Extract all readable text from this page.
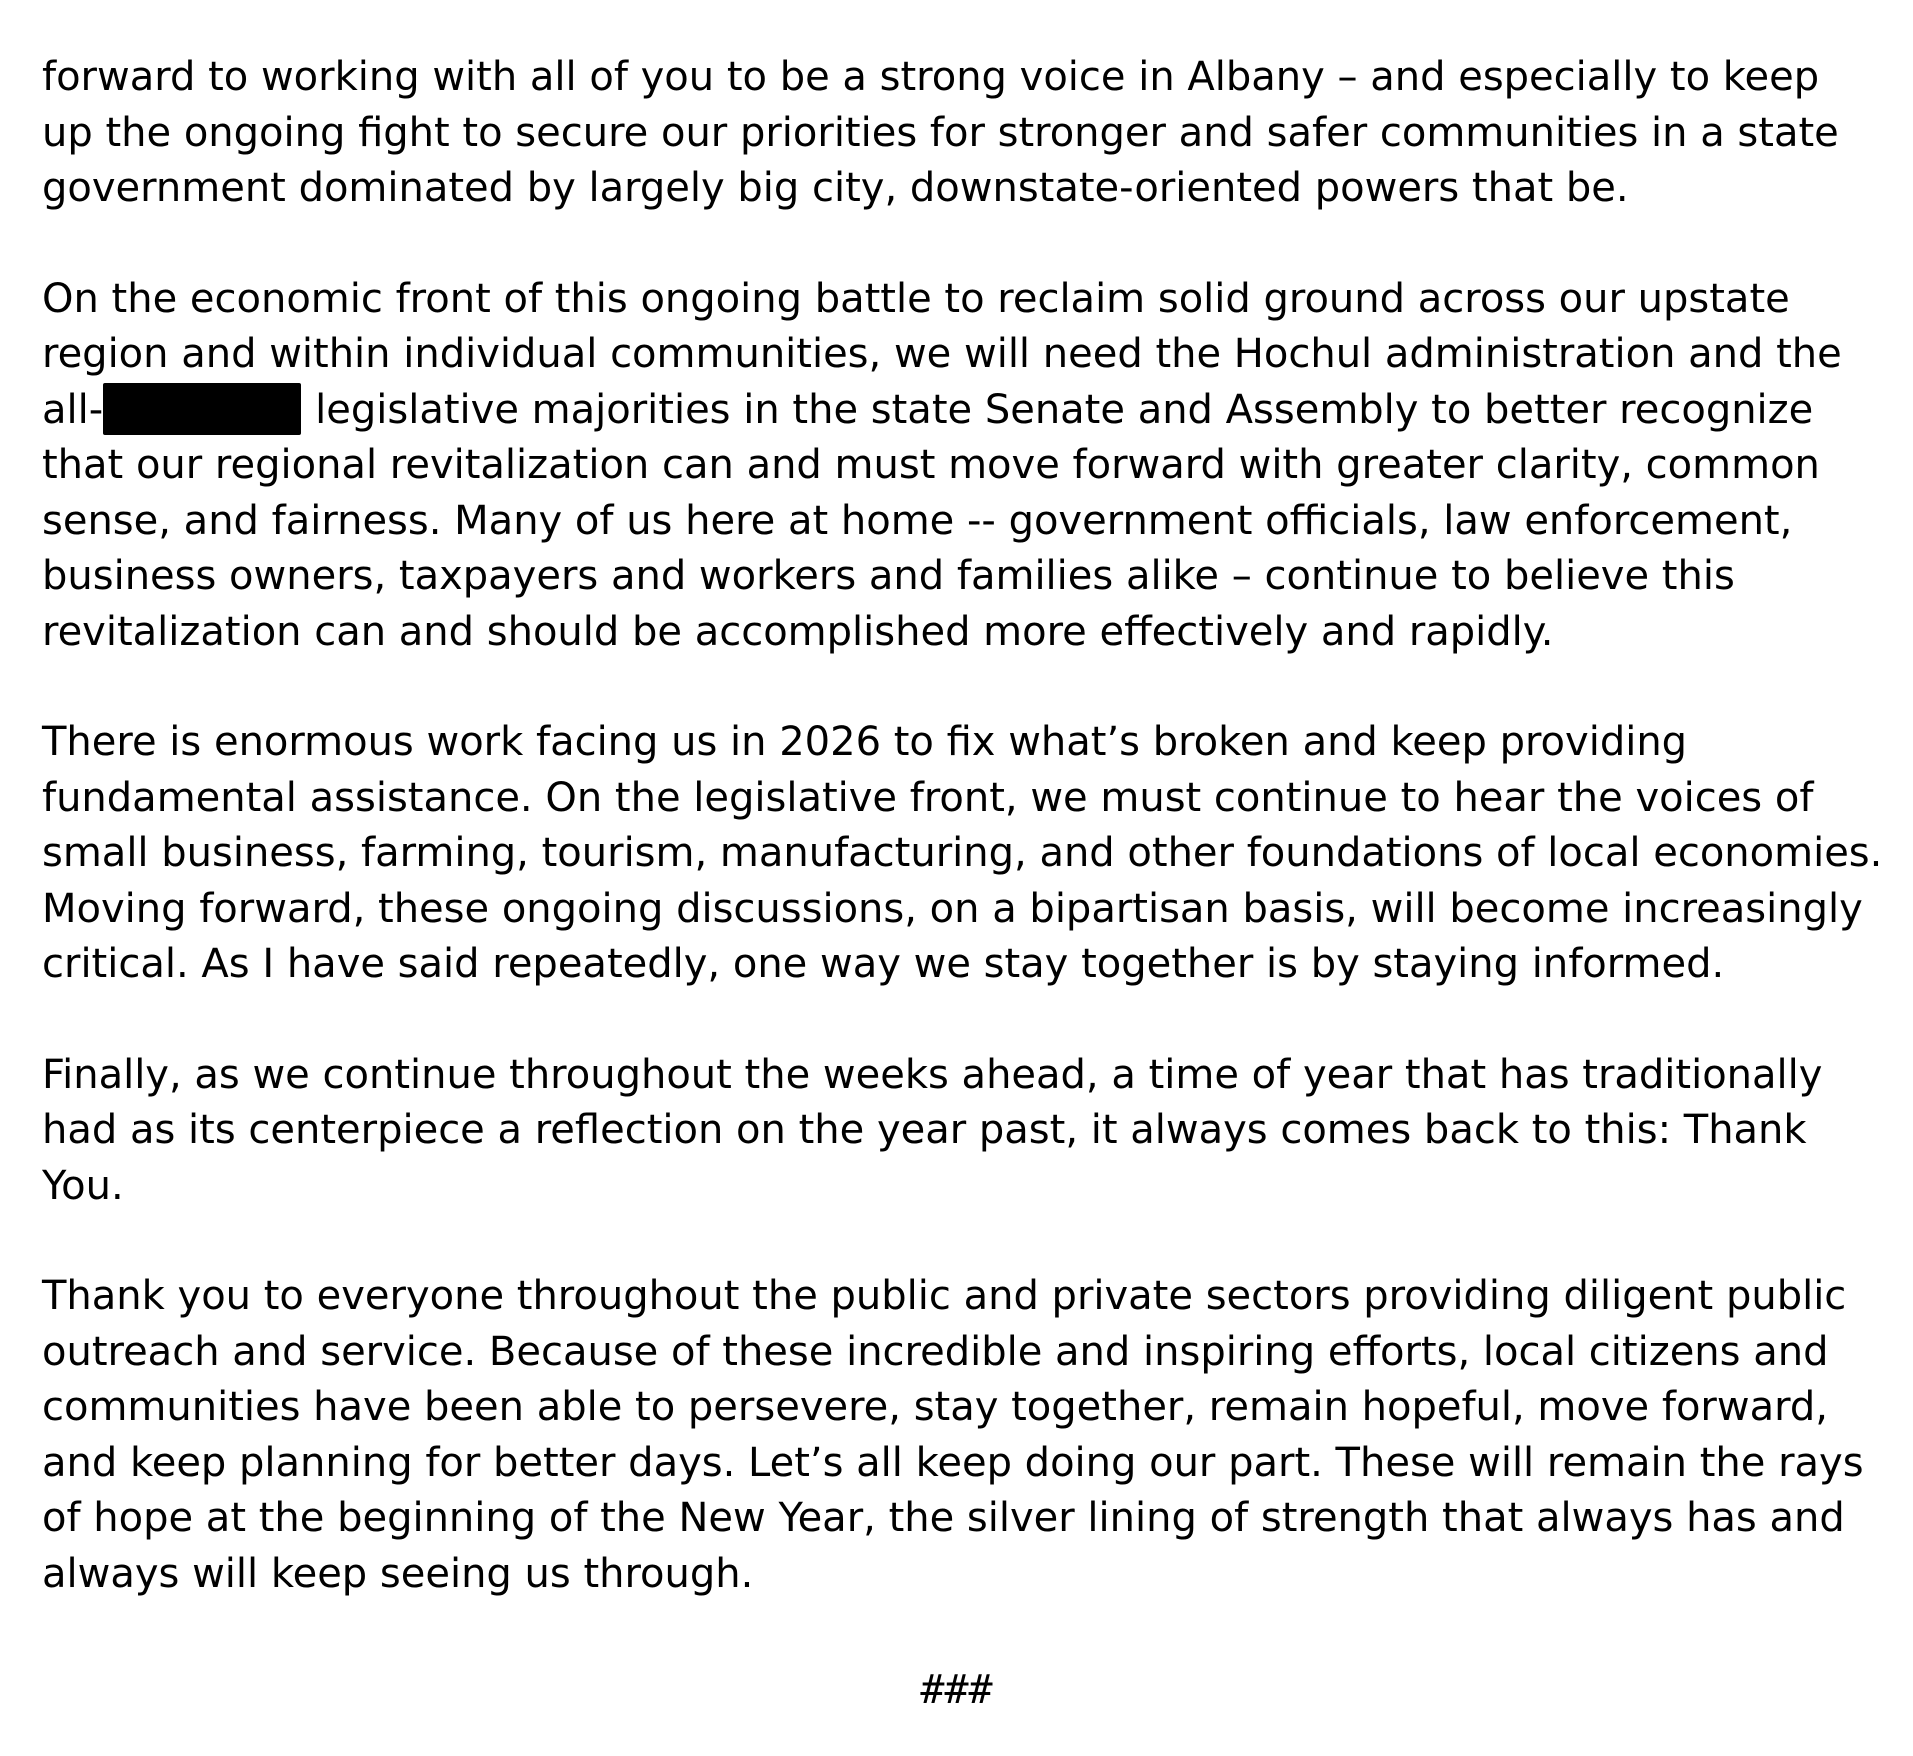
forward to working with all of you to be a strong voice in Albany – and especially to keep
up the ongoing fight to secure our priorities for stronger and safer communities in a state
government dominated by largely big city, downstate-oriented powers that be.
On the economic front of this ongoing battle to reclaim solid ground across our upstate
region and within individual communities, we will need the Hochul administration and the
all-	legislative majorities in the state Senate and Assembly to better recognize
that our regional revitalization can and must move forward with greater clarity, common
sense, and fairness. Many of us here at home -- government officials, law enforcement,
business owners, taxpayers and workers and families alike – continue to believe this
revitalization can and should be accomplished more effectively and rapidly.
There is enormous work facing us in 2026 to fix what’s broken and keep providing
fundamental assistance. On the legislative front, we must continue to hear the voices of
small business, farming, tourism, manufacturing, and other foundations of local economies.
Moving forward, these ongoing discussions, on a bipartisan basis, will become increasingly
critical. As I have said repeatedly, one way we stay together is by staying informed.
Finally, as we continue throughout the weeks ahead, a time of year that has traditionally
had as its centerpiece a reflection on the year past, it always comes back to this: Thank
You.
Thank you to everyone throughout the public and private sectors providing diligent public
outreach and service. Because of these incredible and inspiring efforts, local citizens and
communities have been able to persevere, stay together, remain hopeful, move forward,
and keep planning for better days. Let’s all keep doing our part. These will remain the rays
of hope at the beginning of the New Year, the silver lining of strength that always has and
always will keep seeing us through.
###
